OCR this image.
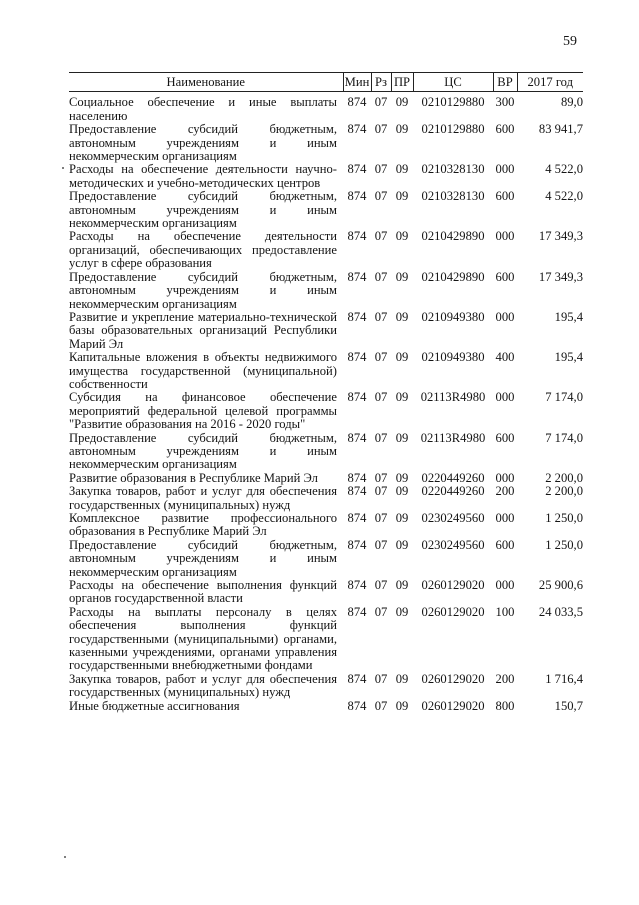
59
Наименование	Мин	Рз	ПР	ЦС	ВР	2017 год

Социальное обеспечение и иные выплаты населению	874	07	09	0210129880	300	89,0
Предоставление субсидий бюджетным, автономным учреждениям и иным некоммерческим организациям	874	07	09	0210129880	600	83 941,7
Расходы на обеспечение деятельности научно-методических и учебно-методических центров	874	07	09	0210328130	000	4 522,0
Предоставление субсидий бюджетным, автономным учреждениям и иным некоммерческим организациям	874	07	09	0210328130	600	4 522,0
Расходы на обеспечение деятельности организаций, обеспечивающих предоставление услуг в сфере образования	874	07	09	0210429890	000	17 349,3
Предоставление субсидий бюджетным, автономным учреждениям и иным некоммерческим организациям	874	07	09	0210429890	600	17 349,3
Развитие и укрепление материально-технической базы образовательных организаций Республики Марий Эл	874	07	09	0210949380	000	195,4
Капитальные вложения в объекты недвижимого имущества государственной (муниципальной) собственности	874	07	09	0210949380	400	195,4
Субсидия на финансовое обеспечение мероприятий федеральной целевой программы "Развитие образования на 2016 - 2020 годы"	874	07	09	02113R4980	000	7 174,0
Предоставление субсидий бюджетным, автономным учреждениям и иным некоммерческим организациям	874	07	09	02113R4980	600	7 174,0
Развитие образования в Республике Марий Эл	874	07	09	0220449260	000	2 200,0
Закупка товаров, работ и услуг для обеспечения государственных (муниципальных) нужд	874	07	09	0220449260	200	2 200,0
Комплексное развитие профессионального образования в Республике Марий Эл	874	07	09	0230249560	000	1 250,0
Предоставление субсидий бюджетным, автономным учреждениям и иным некоммерческим организациям	874	07	09	0230249560	600	1 250,0
Расходы на обеспечение выполнения функций органов государственной власти	874	07	09	0260129020	000	25 900,6
Расходы на выплаты персоналу в целях обеспечения выполнения функций государственными (муниципальными) органами, казенными учреждениями, органами управления государственными внебюджетными фондами	874	07	09	0260129020	100	24 033,5
Закупка товаров, работ и услуг для обеспечения государственных (муниципальных) нужд	874	07	09	0260129020	200	1 716,4
Иные бюджетные ассигнования	874	07	09	0260129020	800	150,7
